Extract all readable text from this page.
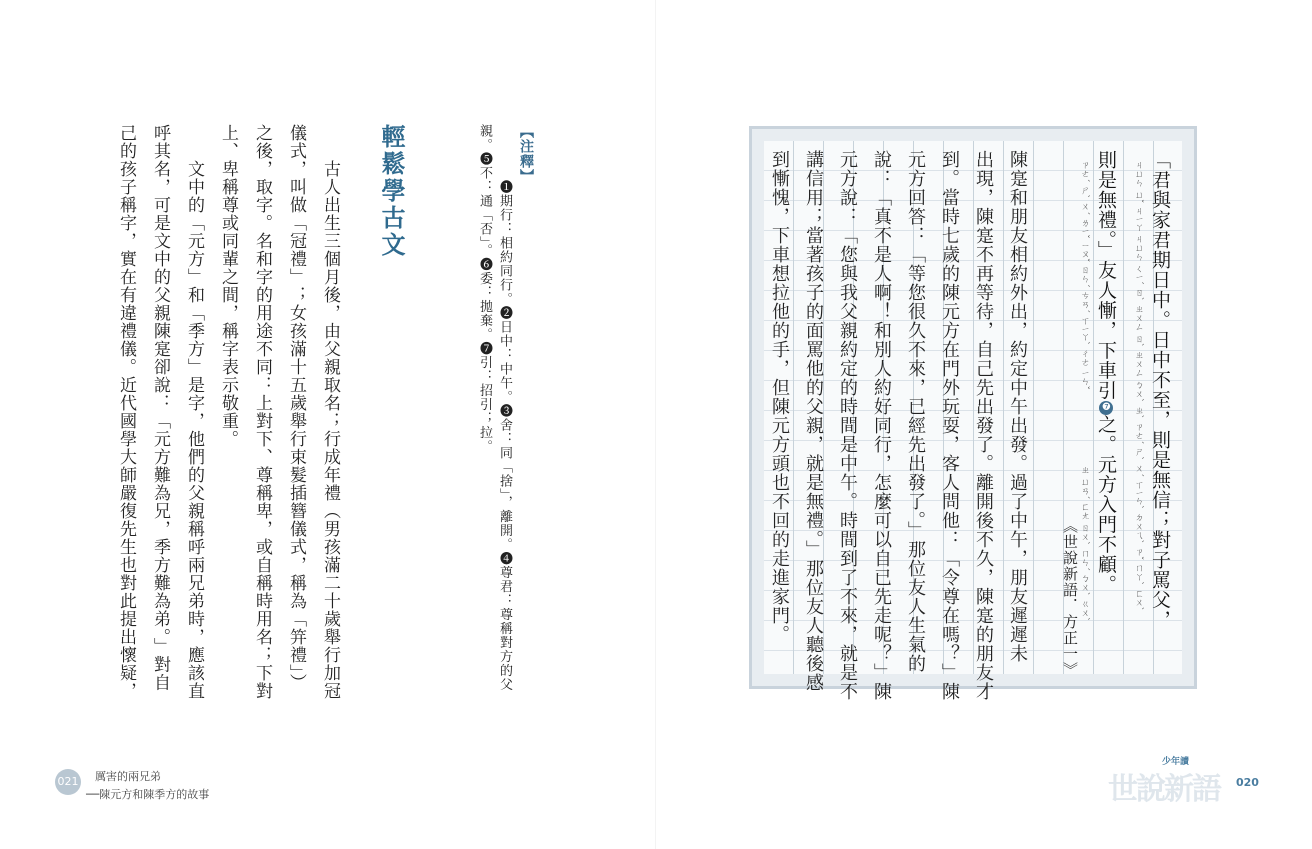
「君與家君期日中。日中不至，則是無信；對子罵父，
ㄐㄩㄣ ㄩˇ ㄐㄧㄚ ㄐㄩㄣ ㄑㄧˊ ㄖˋ ㄓㄨㄥ ㄖˋ ㄓㄨㄥ ㄅㄨˋ ㄓˋ ㄗㄜˊ ㄕˋ ㄨˊ ㄒㄧㄣˋ ㄉㄨㄟˋ ㄗˇ ㄇㄚˋ ㄈㄨˋ
則是無禮。」友人慚，下車引❼之。元方入門不顧。
ㄗㄜˊ ㄕˋ ㄨˊ ㄌㄧˇ ㄧㄡˇ ㄖㄣˊ ㄘㄢˊ ㄒㄧㄚˋ ㄔㄜ ㄧㄣˇ
ㄓ ㄩㄢˊ ㄈㄤ ㄖㄨˋ ㄇㄣˊ ㄅㄨˋ ㄍㄨˋ
《世說新語．方正一》
陳寔和朋友相約外出，約定中午出發。過了中午，朋友遲遲未
出現，陳寔不再等待，自己先出發了。離開後不久，陳寔的朋友才
到。當時七歲的陳元方在門外玩耍，客人問他：「令尊在嗎？」陳
元方回答：「等您很久不來，已經先出發了。」那位友人生氣的
說：「真不是人啊！和別人約好同行，怎麼可以自已先走呢？」陳
元方說：「您與我父親約定的時間是中午。時間到了不來，就是不
講信用；當著孩子的面罵他的父親，就是無禮。」那位友人聽後感
到慚愧，下車想拉他的手，但陳元方頭也不回的走進家門。
【注釋】
❶期行：相約同行。❷日中：中午。❸舍：同「捨」，離開。❹尊君：尊稱對方的父
親。❺不：通「否」。❻委：拋棄。❼引：招引；拉。
輕鬆學古文
古人出生三個月後，由父親取名；行成年禮（男孩滿二十歲舉行加冠
儀式，叫做「冠禮」；女孩滿十五歲舉行束髮插簪儀式，稱為「笄禮」）
之後，取字。名和字的用途不同：上對下、尊稱卑，或自稱時用名；下對
上、卑稱尊或同輩之間，稱字表示敬重。
文中的「元方」和「季方」是字，他們的父親稱呼兩兄弟時，應該直
呼其名，可是文中的父親陳寔卻說：「元方難為兄，季方難為弟。」對自
己的孩子稱字，實在有違禮儀。近代國學大師嚴復先生也對此提出懷疑，
021 厲害的兩兄弟
──陳元方和陳季方的故事
少年讀
世說新語 020
